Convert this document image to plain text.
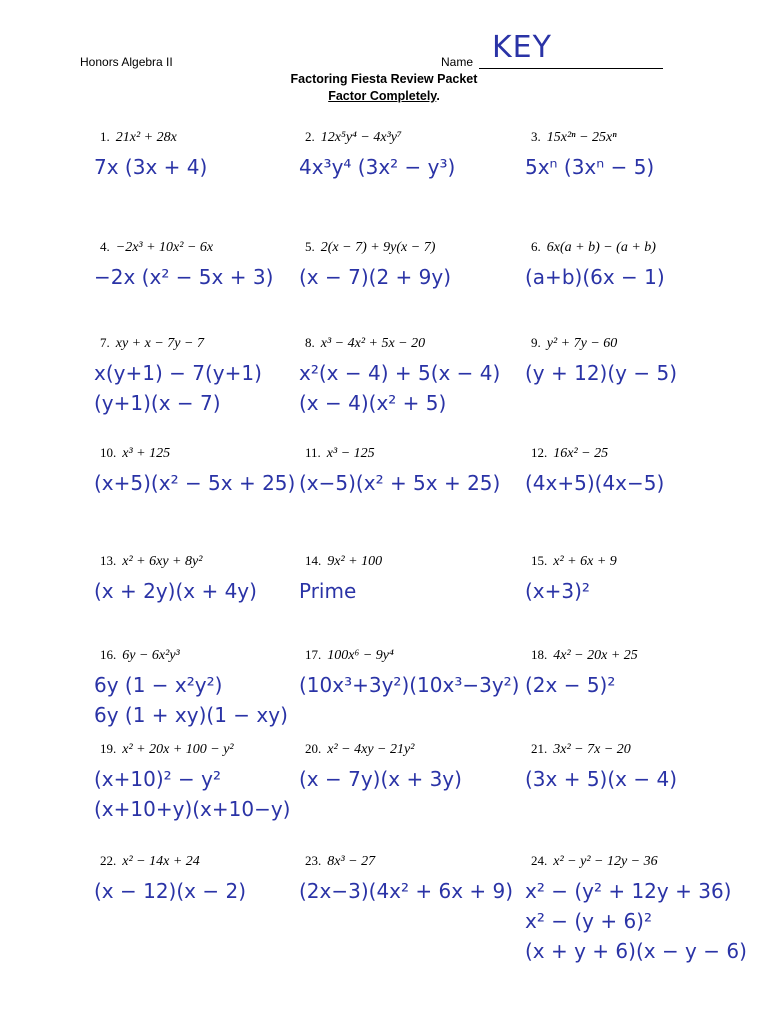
Honors Algebra II	Name KEY
Factoring Fiesta Review Packet
Factor Completely.
1. 21x² + 28x
7x (3x + 4)
2. 12x⁵y⁴ − 4x³y⁷
4x³y⁴ (3x² − y³)
3. 15x²ⁿ − 25xⁿ
5xⁿ (3xⁿ − 5)
4. −2x³ + 10x² − 6x
−2x (x² − 5x + 3)
5. 2(x − 7) + 9y(x − 7)
(x − 7)(2 + 9y)
6. 6x(a + b) − (a + b)
(a+b)(6x − 1)
7. xy + x − 7y − 7
x(y+1) − 7(y+1)
(y+1)(x − 7)
8. x³ − 4x² + 5x − 20
x²(x − 4) + 5(x − 4)
(x − 4)(x² + 5)
9. y² + 7y − 60
(y + 12)(y − 5)
10. x³ + 125
(x+5)(x² − 5x + 25)
11. x³ − 125
(x−5)(x² + 5x + 25)
12. 16x² − 25
(4x+5)(4x−5)
13. x² + 6xy + 8y²
(x + 2y)(x + 4y)
14. 9x² + 100
Prime
15. x² + 6x + 9
(x+3)²
16. 6y − 6x²y³
6y (1 − x²y²)
6y (1 + xy)(1 − xy)
17. 100x⁶ − 9y⁴
(10x³+3y²)(10x³−3y²)
18. 4x² − 20x + 25
(2x − 5)²
19. x² + 20x + 100 − y²
(x+10)² − y²
(x+10+y)(x+10−y)
20. x² − 4xy − 21y²
(x − 7y)(x + 3y)
21. 3x² − 7x − 20
(3x + 5)(x − 4)
22. x² − 14x + 24
(x − 12)(x − 2)
23. 8x³ − 27
(2x−3)(4x² + 6x + 9)
24. x² − y² − 12y − 36
x² − (y² + 12y + 36)
x² − (y + 6)²
(x + y + 6)(x − y − 6)
